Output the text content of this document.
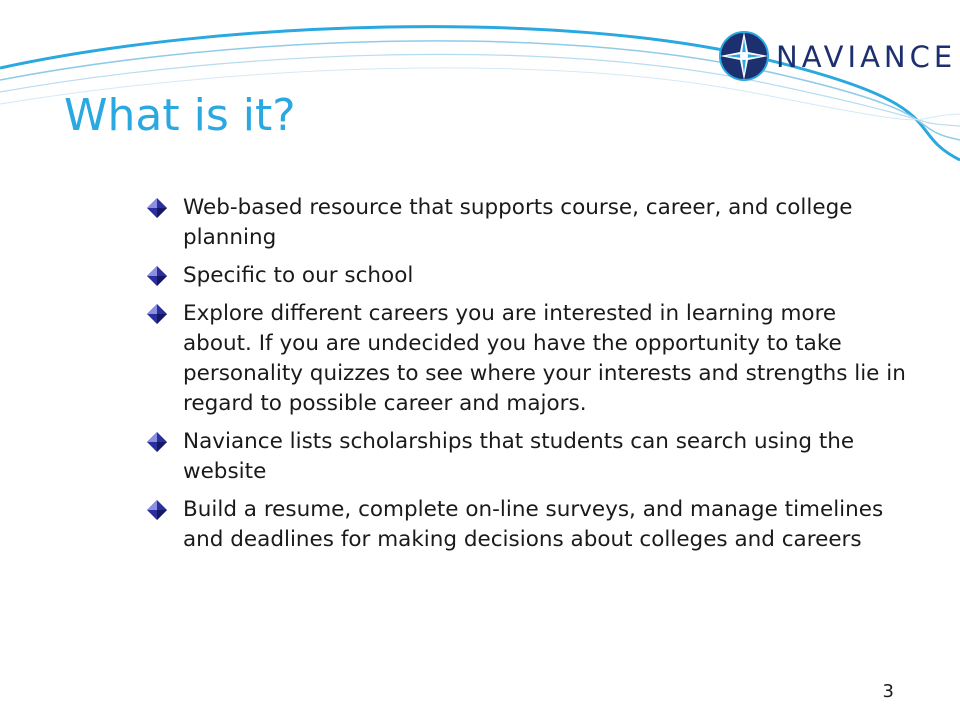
NAVIANCE
What is it?
Web-based resource that supports course, career, and college planning
Specific to our school
Explore different careers you are interested in learning more about. If you are undecided you have the opportunity to take personality quizzes to see where your interests and strengths lie in regard to possible career and majors.
Naviance lists scholarships that students can search using the website
Build a resume, complete on-line surveys, and manage timelines and deadlines for making decisions about colleges and careers
3
